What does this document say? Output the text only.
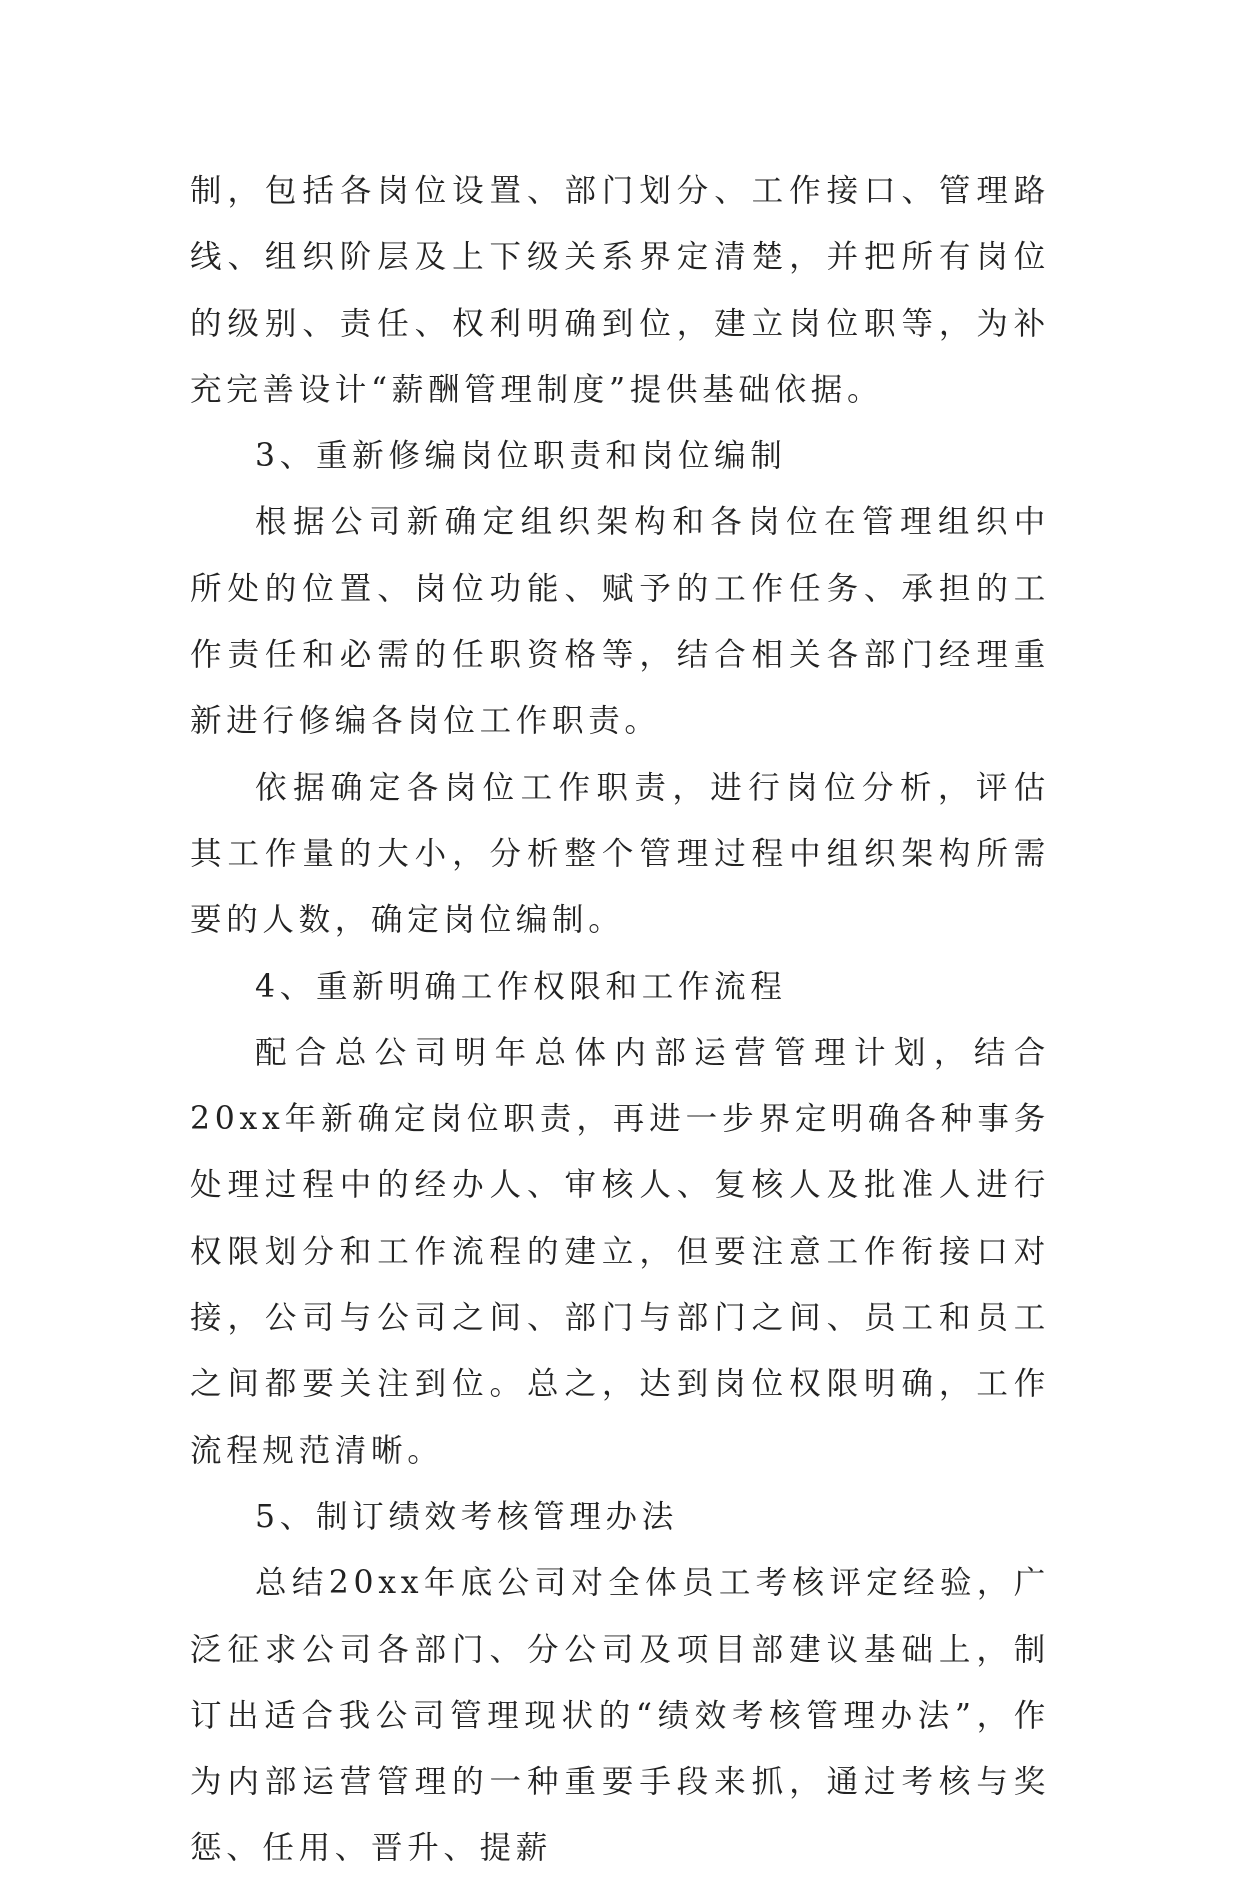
制，包括各岗位设置、部门划分、工作接口、管理路线、组织阶层及上下级关系界定清楚，并把所有岗位的级别、责任、权利明确到位，建立岗位职等，为补充完善设计“薪酬管理制度”提供基础依据。

3、重新修编岗位职责和岗位编制

根据公司新确定组织架构和各岗位在管理组织中所处的位置、岗位功能、赋予的工作任务、承担的工作责任和必需的任职资格等，结合相关各部门经理重新进行修编各岗位工作职责。

依据确定各岗位工作职责，进行岗位分析，评估其工作量的大小，分析整个管理过程中组织架构所需要的人数，确定岗位编制。

4、重新明确工作权限和工作流程

配合总公司明年总体内部运营管理计划，结合20xx年新确定岗位职责，再进一步界定明确各种事务处理过程中的经办人、审核人、复核人及批准人进行权限划分和工作流程的建立，但要注意工作衔接口对接，公司与公司之间、部门与部门之间、员工和员工之间都要关注到位。总之，达到岗位权限明确，工作流程规范清晰。

5、制订绩效考核管理办法

总结20xx年底公司对全体员工考核评定经验，广泛征求公司各部门、分公司及项目部建议基础上，制订出适合我公司管理现状的“绩效考核管理办法”，作为内部运营管理的一种重要手段来抓，通过考核与奖惩、任用、晋升、提薪
